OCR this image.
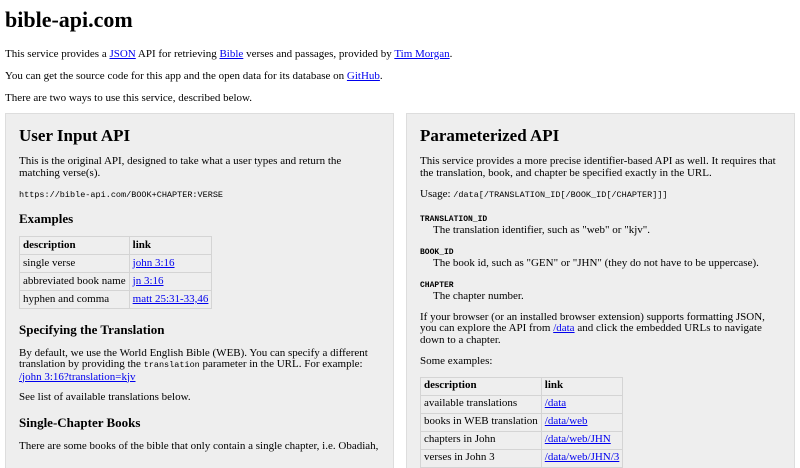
bible-api.com

This service provides a JSON API for retrieving Bible verses and passages, provided by Tim Morgan.

You can get the source code for this app and the open data for its database on GitHub.

There are two ways to use this service, described below.

User Input API

This is the original API, designed to take what a user types and return the matching verse(s).

https://bible-api.com/BOOK+CHAPTER:VERSE

Examples
description	link
single verse	john 3:16
abbreviated book name	jn 3:16
hyphen and comma	matt 25:31-33,46
Specifying the Translation

By default, we use the World English Bible (WEB). You can specify a different translation by providing the translation parameter in the URL. For example: /john 3:16?translation=kjv

See list of available translations below.

Single-Chapter Books

There are some books of the bible that only contain a single chapter, i.e. Obadiah,

Parameterized API

This service provides a more precise identifier-based API as well. It requires that the translation, book, and chapter be specified exactly in the URL.

Usage: /data[/TRANSLATION_ID[/BOOK_ID[/CHAPTER]]]

TRANSLATION_ID
The translation identifier, such as "web" or "kjv".
BOOK_ID
The book id, such as "GEN" or "JHN" (they do not have to be uppercase).
CHAPTER
The chapter number.

If your browser (or an installed browser extension) supports formatting JSON, you can explore the API from /data and click the embedded URLs to navigate down to a chapter.

Some examples:

description	link
available translations	/data
books in WEB translation	/data/web
chapters in John	/data/web/JHN
verses in John 3	/data/web/JHN/3
